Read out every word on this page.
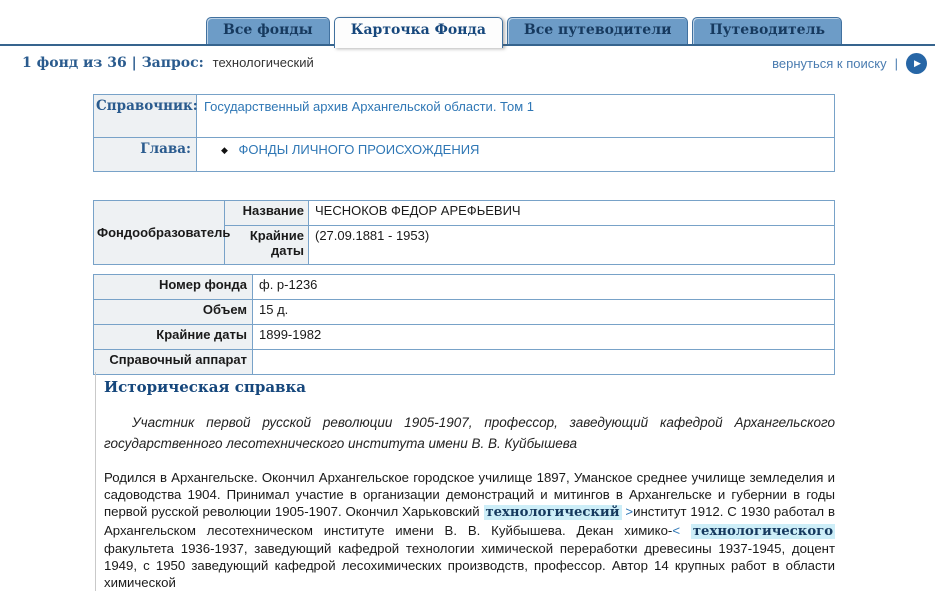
Все фонды	Карточка Фонда	Все путеводители	Путеводитель
1 фонд из 36 | Запрос: технологический	вернуться к поиску | ▶
Справочник:	Государственный архив Архангельской области. Том 1
Глава:	◆ ФОНДЫ ЛИЧНОГО ПРОИСХОЖДЕНИЯ
Фондообразователь	Название	ЧЕСНОКОВ ФЕДОР АРЕФЬЕВИЧ
	Крайние даты	(27.09.1881 - 1953)
Номер фонда	ф. р-1236
Объем	15 д.
Крайние даты	1899-1982
Справочный аппарат	
Историческая справка

Участник первой русской революции 1905-1907, профессор, заведующий кафедрой Архангельского государственного лесотехнического института имени В. В. Куйбышева

Родился в Архангельске. Окончил Архангельское городское училище 1897, Уманское среднее училище земледелия и садоводства 1904. Принимал участие в организации демонстраций и митингов в Архангельске и губернии в годы первой русской революции 1905-1907. Окончил Харьковский технологический >институт 1912. С 1930 работал в Архангельском лесотехническом институте имени В. В. Куйбышева. Декан химико-< технологического факультета 1936-1937, заведующий кафедрой технологии химической переработки древесины 1937-1945, доцент 1949, с 1950 заведующий кафедрой лесохимических производств, профессор. Автор 14 крупных работ в области химической
